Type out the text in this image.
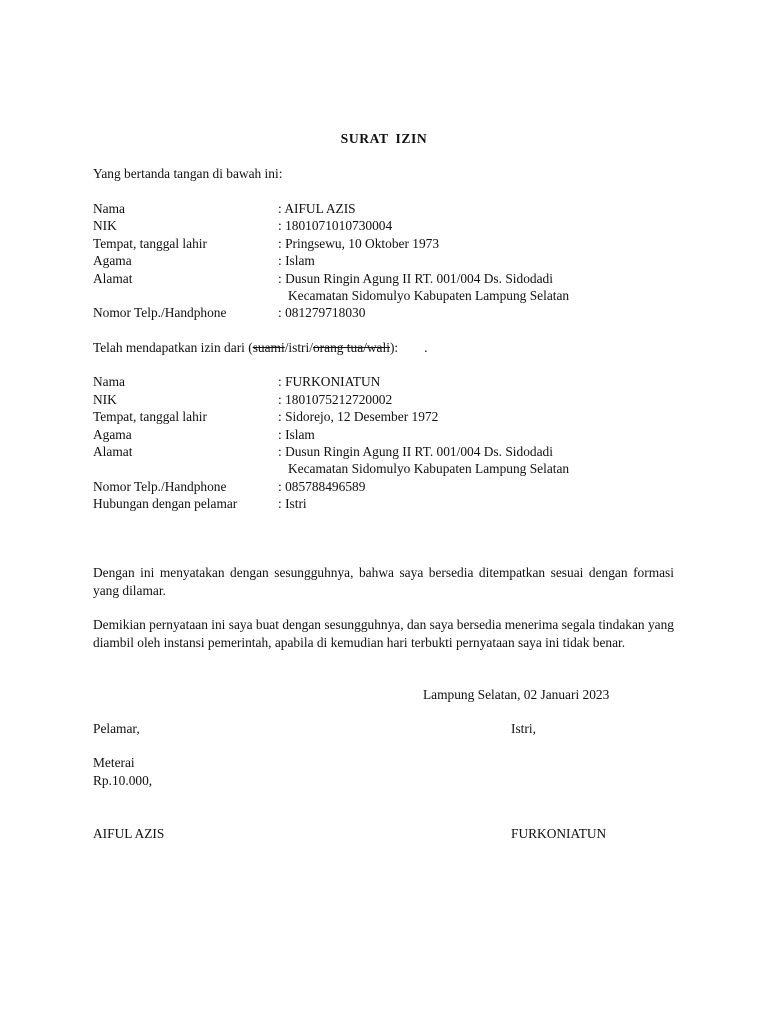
SURAT IZIN
Yang bertanda tangan di bawah ini:
Nama	: AIFUL AZIS
NIK	: 1801071010730004
Tempat, tanggal lahir	: Pringsewu, 10 Oktober 1973
Agama	: Islam
Alamat	: Dusun Ringin Agung II RT. 001/004 Ds. Sidodadi
Kecamatan Sidomulyo Kabupaten Lampung Selatan
Nomor Telp./Handphone	: 081279718030
Telah mendapatkan izin dari (suami/istri/orang tua/wali): .
Nama	: FURKONIATUN
NIK	: 1801075212720002
Tempat, tanggal lahir	: Sidorejo, 12 Desember 1972
Agama	: Islam
Alamat	: Dusun Ringin Agung II RT. 001/004 Ds. Sidodadi
Kecamatan Sidomulyo Kabupaten Lampung Selatan
Nomor Telp./Handphone	: 085788496589
Hubungan dengan pelamar	: Istri
Dengan ini menyatakan dengan sesungguhnya, bahwa saya bersedia ditempatkan sesuai dengan formasi yang dilamar.
Demikian pernyataan ini saya buat dengan sesungguhnya, dan saya bersedia menerima segala tindakan yang diambil oleh instansi pemerintah, apabila di kemudian hari terbukti pernyataan saya ini tidak benar.
Lampung Selatan, 02 Januari 2023
Pelamar,	Istri,
Meterai
Rp.10.000,
AIFUL AZIS	FURKONIATUN
